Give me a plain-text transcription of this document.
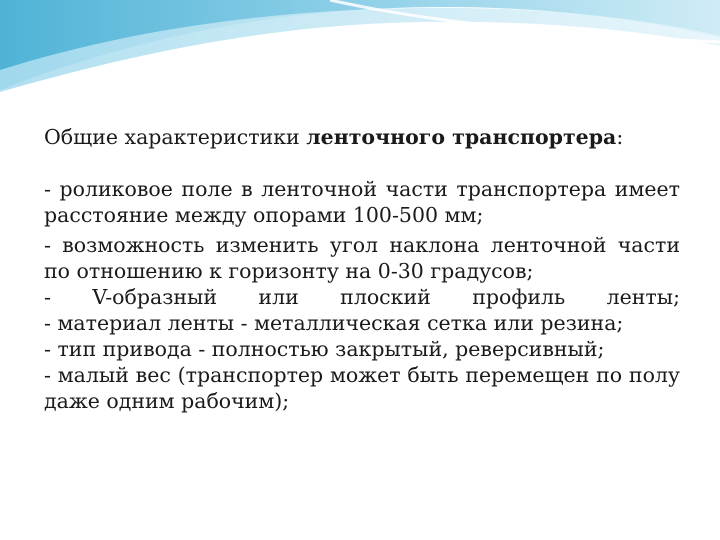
Общие характеристики ленточного транспортера:

- роликовое поле в ленточной части транспортера имеет расстояние между опорами 100-500 мм;

- возможность изменить угол наклона ленточной части по отношению к горизонту на 0-30 градусов;

- V-образный или плоский профиль ленты;

- материал ленты - металлическая сетка или резина;

- тип привода - полностью закрытый, реверсивный;

- малый вес (транспортер может быть перемещен по полу даже одним рабочим);
